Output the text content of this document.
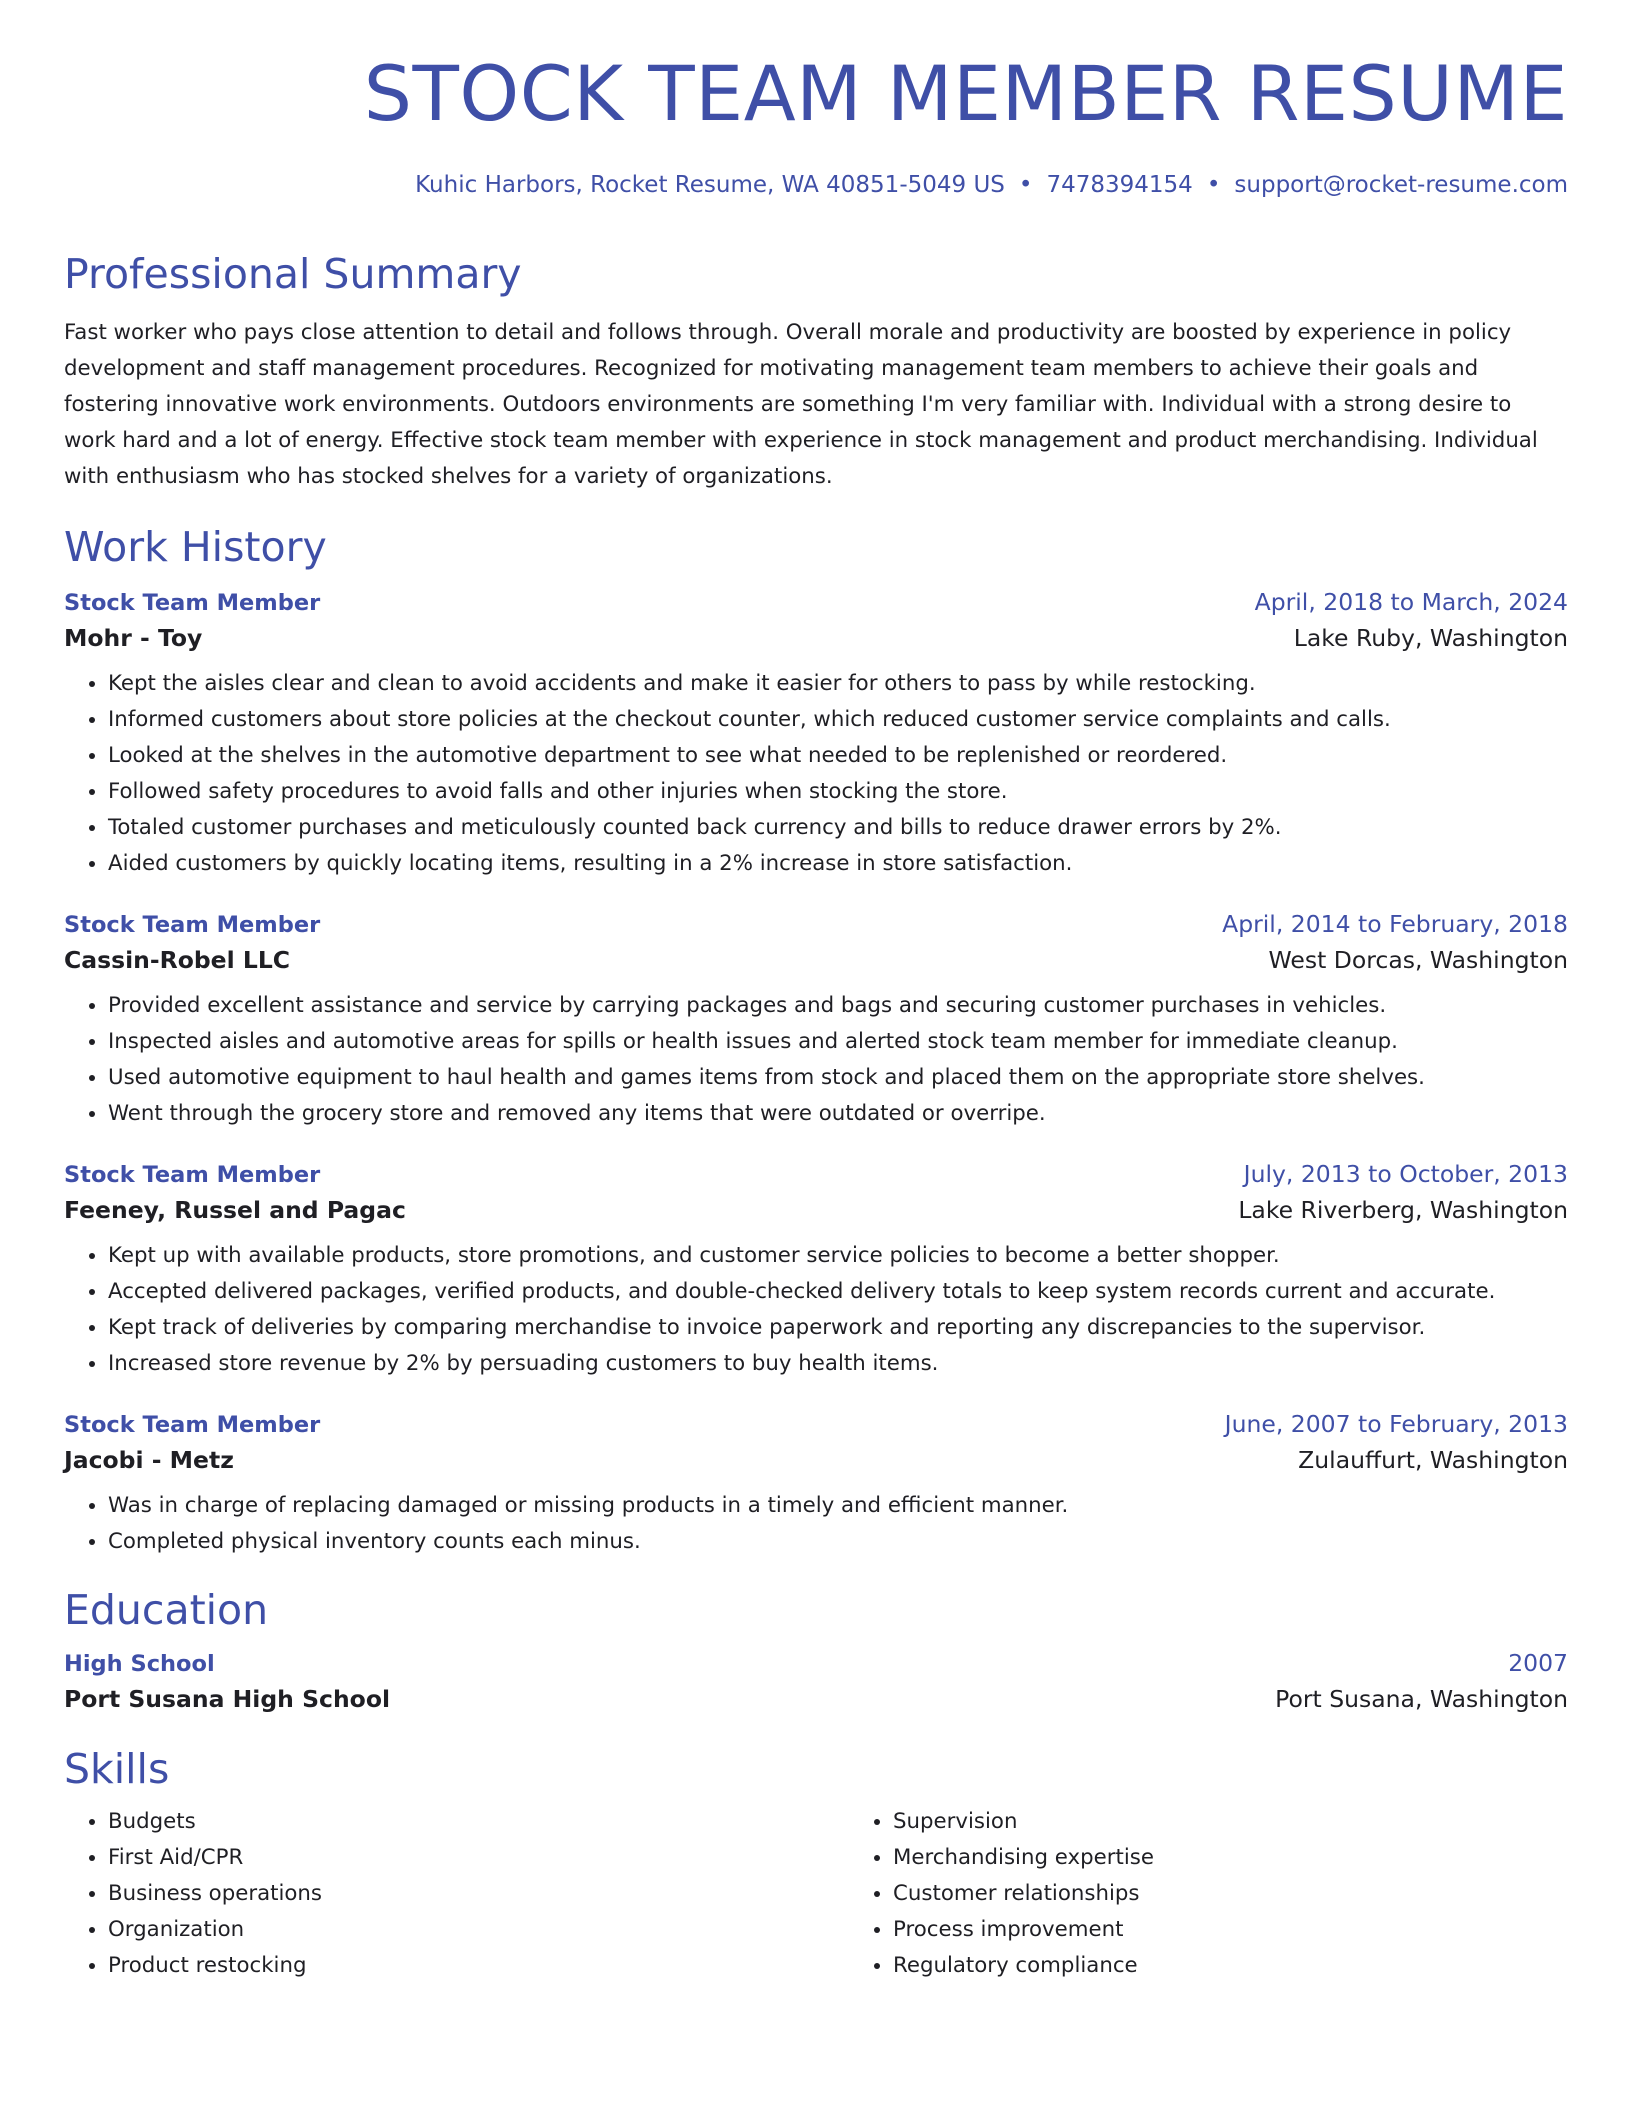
STOCK TEAM MEMBER RESUME
Kuhic Harbors, Rocket Resume, WA 40851-5049 US • 7478394154 • support@rocket-resume.com
Professional Summary
Fast worker who pays close attention to detail and follows through. Overall morale and productivity are boosted by experience in policy development and staff management procedures. Recognized for motivating management team members to achieve their goals and fostering innovative work environments. Outdoors environments are something I'm very familiar with. Individual with a strong desire to work hard and a lot of energy. Effective stock team member with experience in stock management and product merchandising. Individual with enthusiasm who has stocked shelves for a variety of organizations.
Work History
Stock Team Member	April, 2018 to March, 2024
Mohr - Toy	Lake Ruby, Washington
• Kept the aisles clear and clean to avoid accidents and make it easier for others to pass by while restocking.
• Informed customers about store policies at the checkout counter, which reduced customer service complaints and calls.
• Looked at the shelves in the automotive department to see what needed to be replenished or reordered.
• Followed safety procedures to avoid falls and other injuries when stocking the store.
• Totaled customer purchases and meticulously counted back currency and bills to reduce drawer errors by 2%.
• Aided customers by quickly locating items, resulting in a 2% increase in store satisfaction.
Stock Team Member	April, 2014 to February, 2018
Cassin-Robel LLC	West Dorcas, Washington
• Provided excellent assistance and service by carrying packages and bags and securing customer purchases in vehicles.
• Inspected aisles and automotive areas for spills or health issues and alerted stock team member for immediate cleanup.
• Used automotive equipment to haul health and games items from stock and placed them on the appropriate store shelves.
• Went through the grocery store and removed any items that were outdated or overripe.
Stock Team Member	July, 2013 to October, 2013
Feeney, Russel and Pagac	Lake Riverberg, Washington
• Kept up with available products, store promotions, and customer service policies to become a better shopper.
• Accepted delivered packages, verified products, and double-checked delivery totals to keep system records current and accurate.
• Kept track of deliveries by comparing merchandise to invoice paperwork and reporting any discrepancies to the supervisor.
• Increased store revenue by 2% by persuading customers to buy health items.
Stock Team Member	June, 2007 to February, 2013
Jacobi - Metz	Zulauffurt, Washington
• Was in charge of replacing damaged or missing products in a timely and efficient manner.
• Completed physical inventory counts each minus.
Education
High School	2007
Port Susana High School	Port Susana, Washington
Skills
• Budgets
• First Aid/CPR
• Business operations
• Organization
• Product restocking
• Supervision
• Merchandising expertise
• Customer relationships
• Process improvement
• Regulatory compliance
